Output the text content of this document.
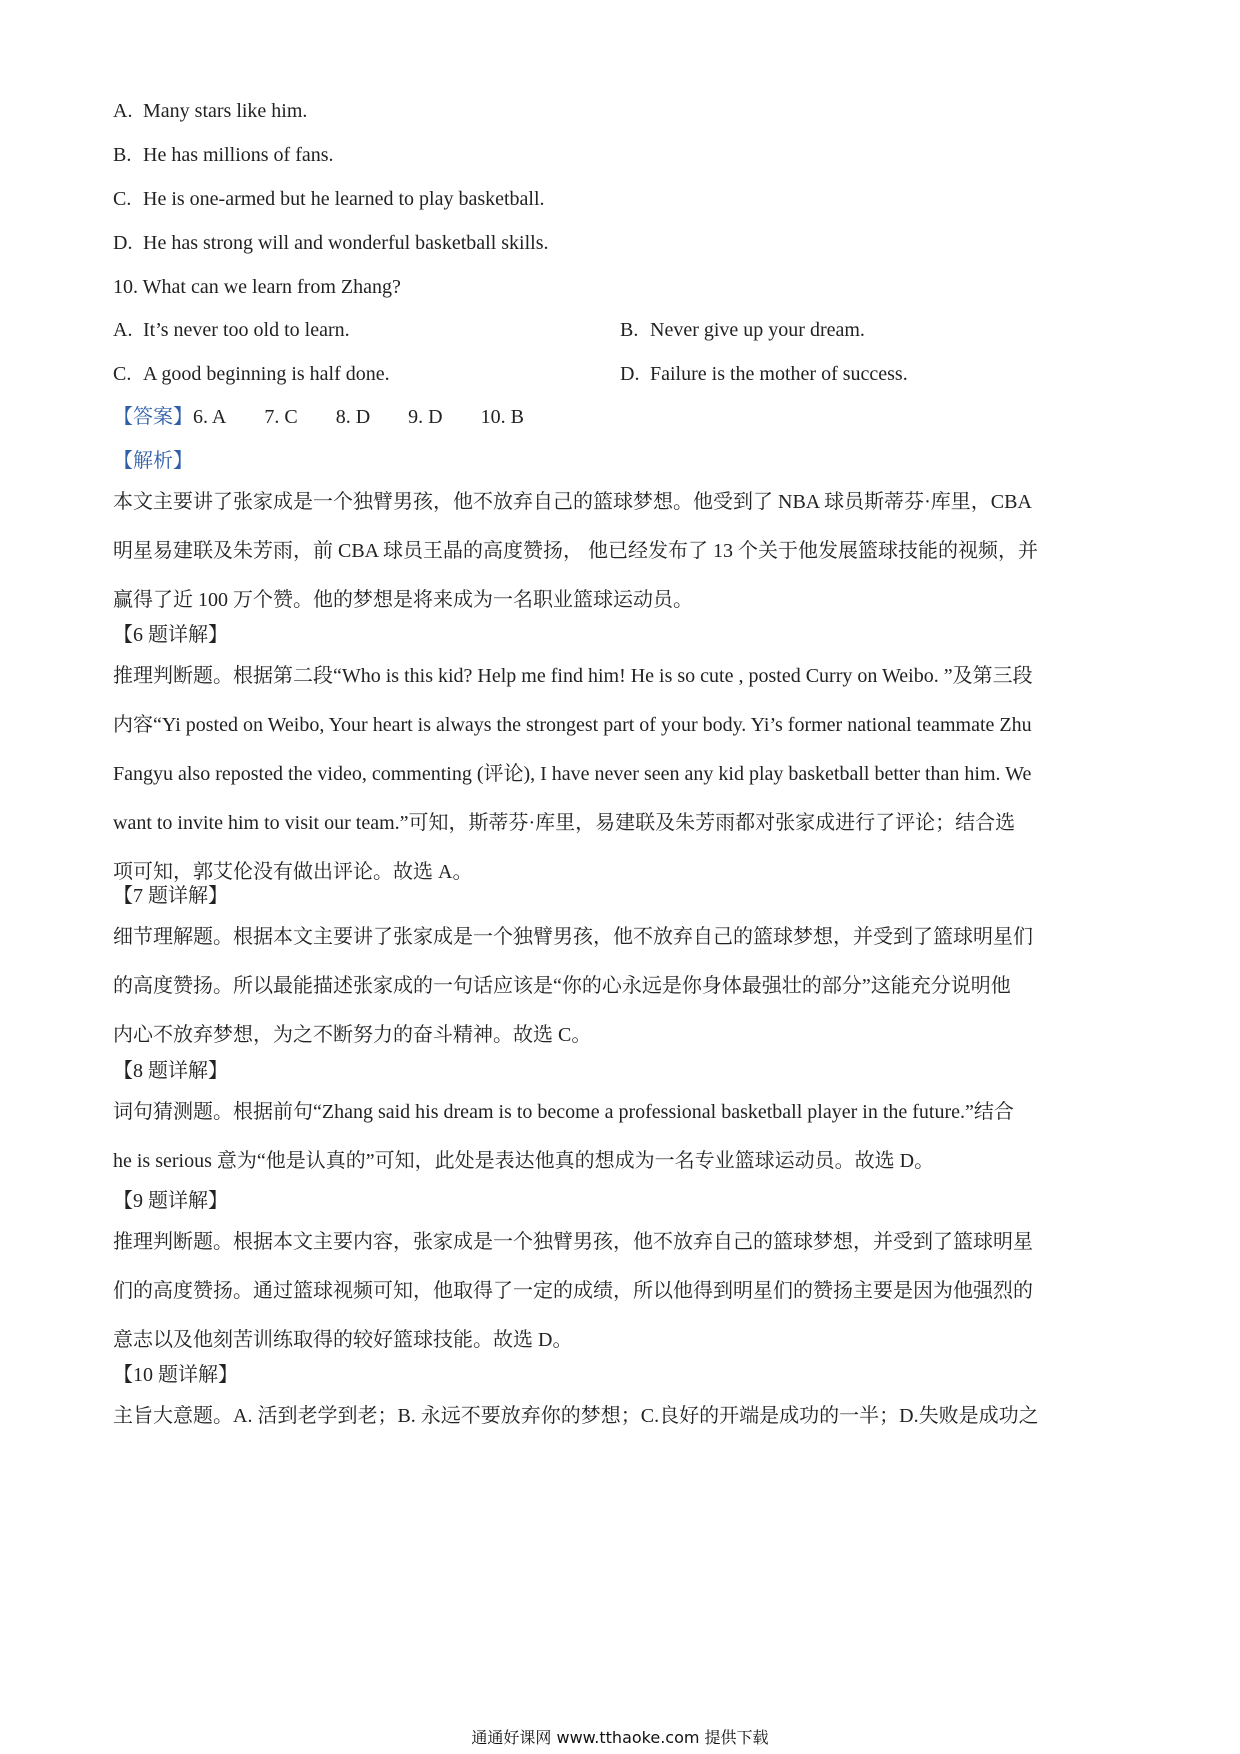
A. Many stars like him.
B. He has millions of fans.
C. He is one-armed but he learned to play basketball.
D. He has strong will and wonderful basketball skills.
10. What can we learn from Zhang?
A. It’s never too old to learn.	B. Never give up your dream.
C. A good beginning is half done.	D. Failure is the mother of success.
【答案】6. A 7. C 8. D 9. D 10. B
【解析】
本文主要讲了张家成是一个独臂男孩，他不放弃自己的篮球梦想。他受到了 NBA 球员斯蒂芬·库里，CBA
明星易建联及朱芳雨，前 CBA 球员王晶的高度赞扬， 他已经发布了 13 个关于他发展篮球技能的视频，并
赢得了近 100 万个赞。他的梦想是将来成为一名职业篮球运动员。
【6 题详解】
推理判断题。根据第二段“Who is this kid? Help me find him! He is so cute , posted Curry on Weibo. ”及第三段
内容“Yi posted on Weibo, Your heart is always the strongest part of your body. Yi’s former national teammate Zhu
Fangyu also reposted the video, commenting (评论), I have never seen any kid play basketball better than him. We
want to invite him to visit our team.”可知，斯蒂芬·库里，易建联及朱芳雨都对张家成进行了评论；结合选
项可知，郭艾伦没有做出评论。故选 A。
【7 题详解】
细节理解题。根据本文主要讲了张家成是一个独臂男孩，他不放弃自己的篮球梦想，并受到了篮球明星们
的高度赞扬。所以最能描述张家成的一句话应该是“你的心永远是你身体最强壮的部分”这能充分说明他
内心不放弃梦想，为之不断努力的奋斗精神。故选 C。
【8 题详解】
词句猜测题。根据前句“Zhang said his dream is to become a professional basketball player in the future.”结合
he is serious 意为“他是认真的”可知，此处是表达他真的想成为一名专业篮球运动员。故选 D。
【9 题详解】
推理判断题。根据本文主要内容，张家成是一个独臂男孩，他不放弃自己的篮球梦想，并受到了篮球明星
们的高度赞扬。通过篮球视频可知，他取得了一定的成绩，所以他得到明星们的赞扬主要是因为他强烈的
意志以及他刻苦训练取得的较好篮球技能。故选 D。
【10 题详解】
主旨大意题。A. 活到老学到老；B. 永远不要放弃你的梦想；C.良好的开端是成功的一半；D.失败是成功之
通通好课网 www.tthaoke.com 提供下载
